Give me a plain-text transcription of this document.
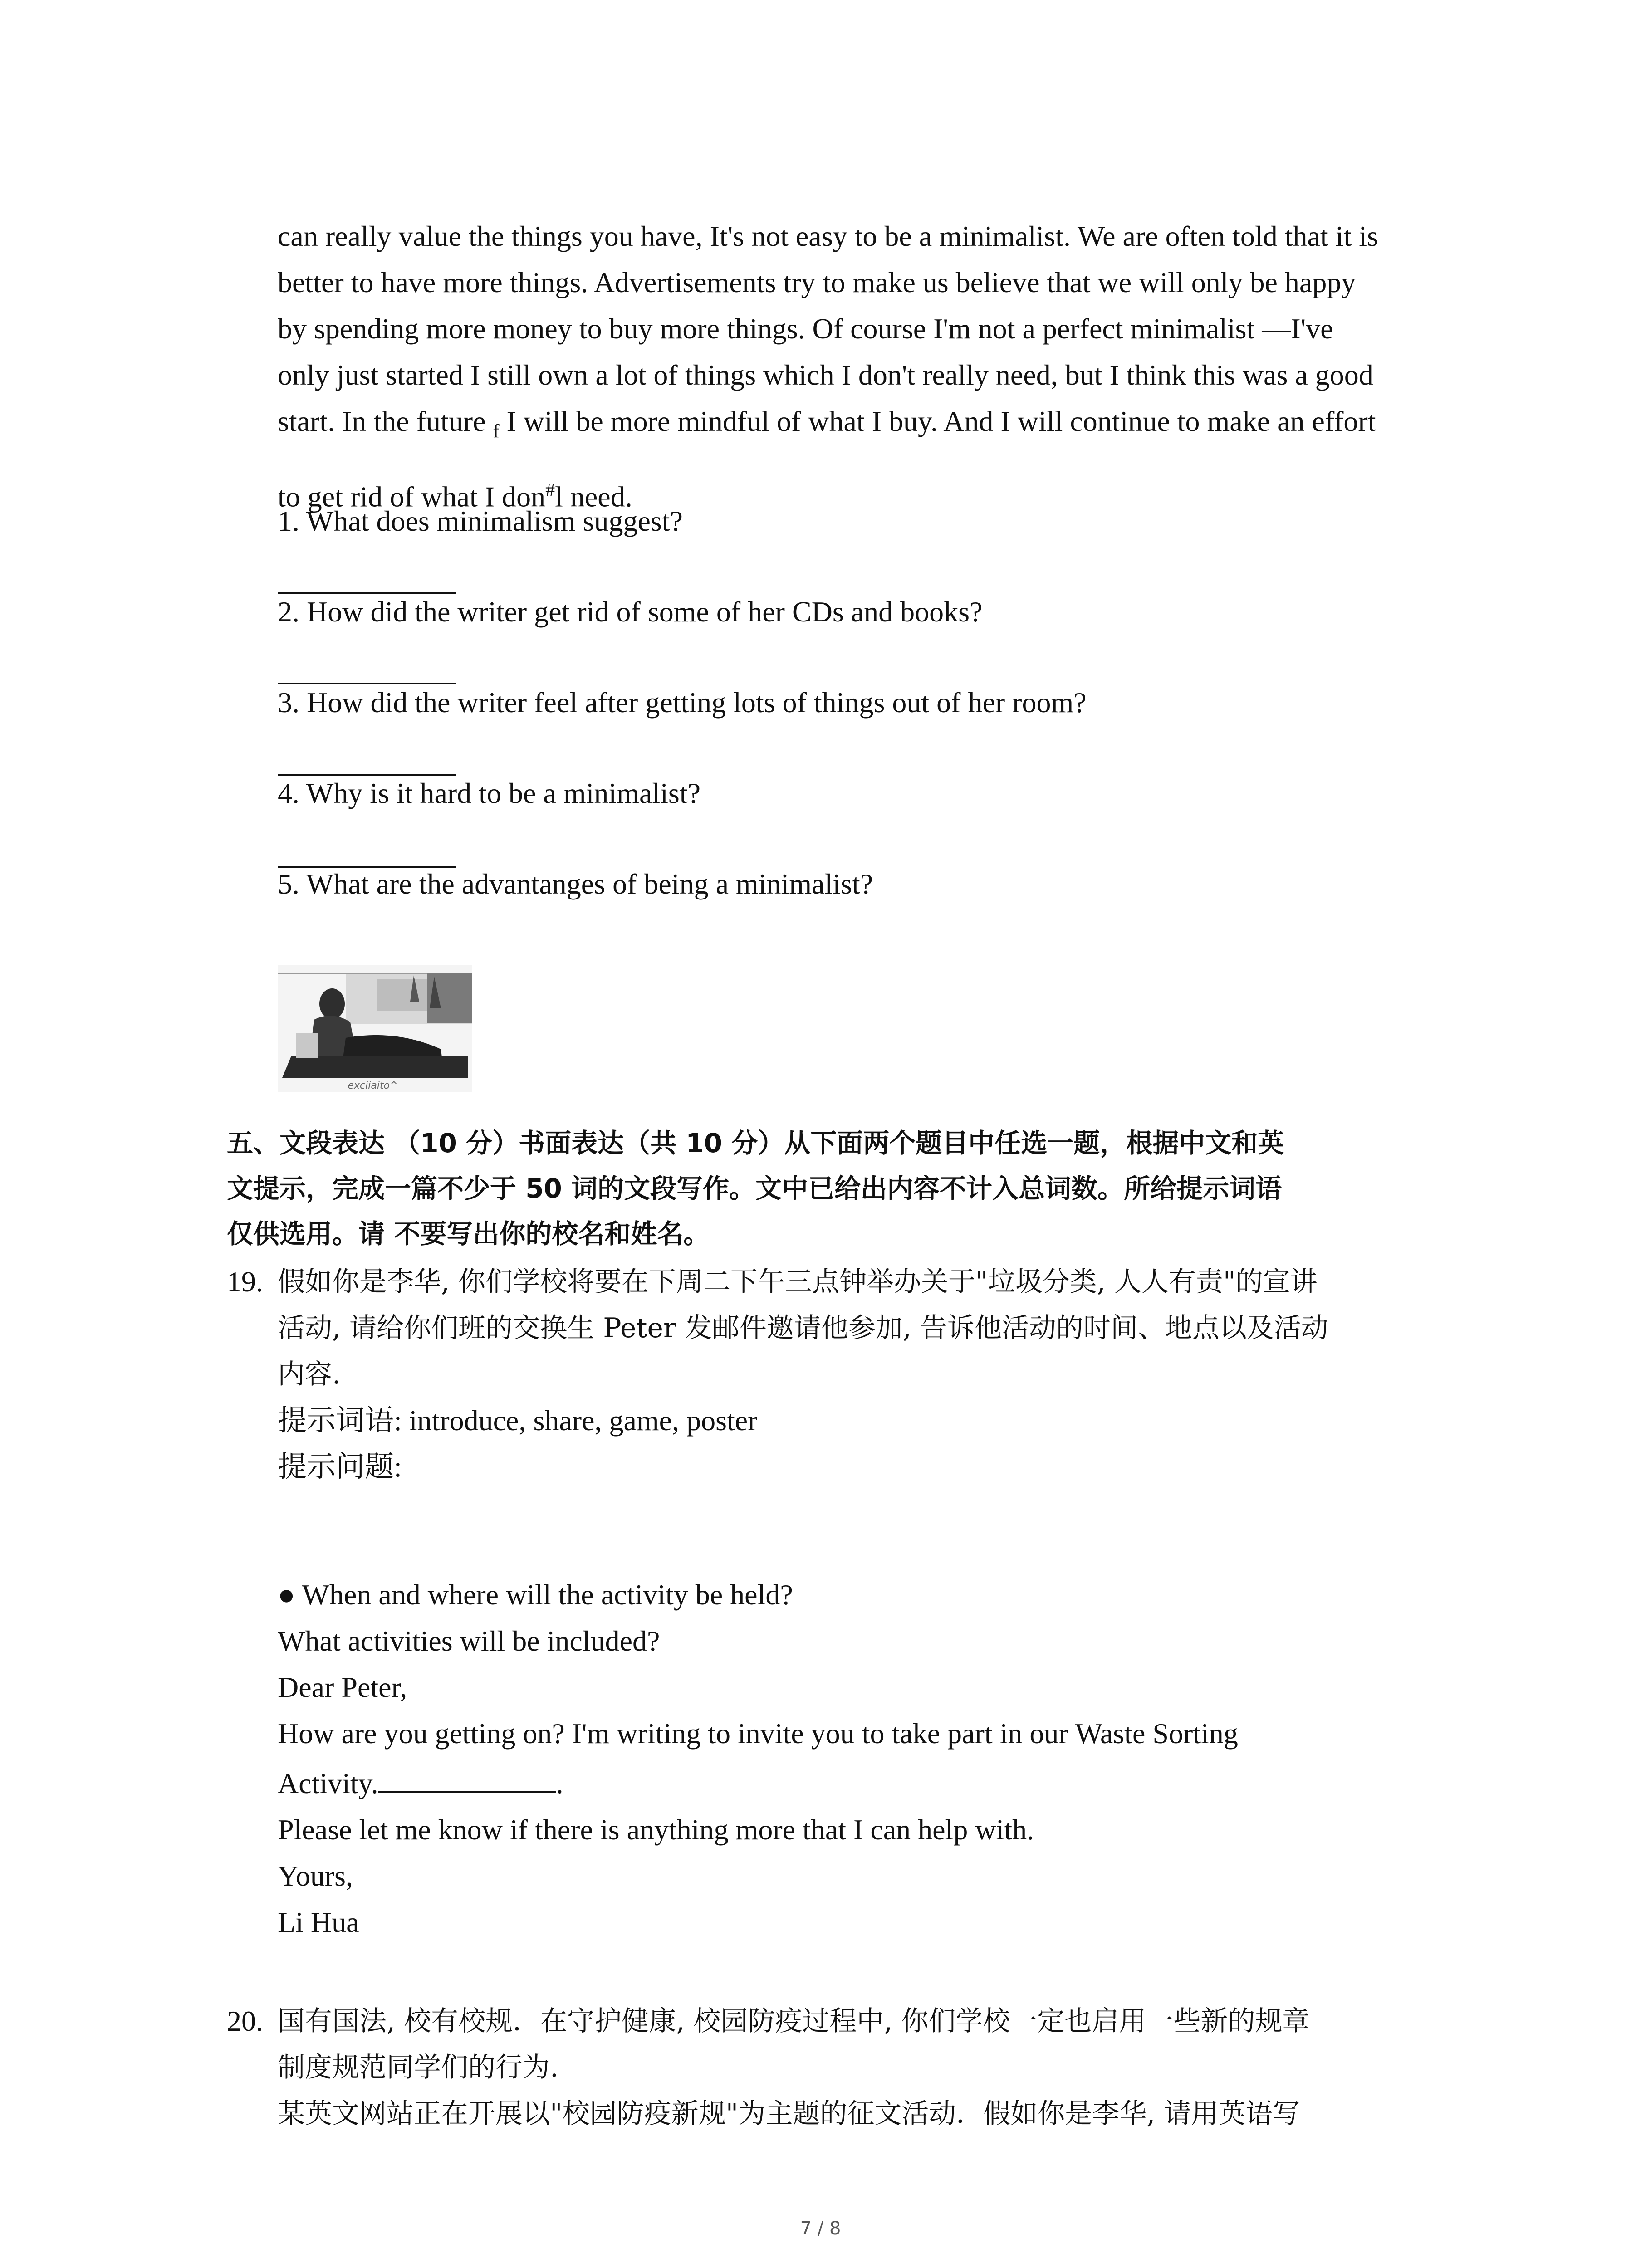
can really value the things you have, It's not easy to be a minimalist. We are often told that it is
better to have more things. Advertisements try to make us believe that we will only be happy
by spending more money to buy more things. Of course I'm not a perfect minimalist —I've
only just started I still own a lot of things which I don't really need, but I think this was a good
start. In the future $_f$ I will be more mindful of what I buy. And I will continue to make an effort
to get rid of what I don#l need.

1. What does minimalism suggest?

2. How did the writer get rid of some of her CDs and books?

3. How did the writer feel after getting lots of things out of her room?

4. Why is it hard to be a minimalist?

5. What are the advantanges of being a minimalist?

exciiaito^
五、文段表达 （10 分）书面表达（共 10 分）从下面两个题目中任选一题，根据中文和英
文提示，完成一篇不少于 50 词的文段写作。文中已给出内容不计入总词数。所给提示词语
仅供选用。请 不要写出你的校名和姓名。
19. 假如你是李华, 你们学校将要在下周二下午三点钟举办关于"垃圾分类, 人人有责"的宣讲
活动, 请给你们班的交换生 Peter 发邮件邀请他参加, 告诉他活动的时间、地点以及活动
内容.
提示词语: introduce, share, game, poster
提示问题:
● When and where will the activity be held?
What activities will be included?
Dear Peter,
How are you getting on? I'm writing to invite you to take part in our Waste Sorting
Activity.	.
Please let me know if there is anything more that I can help with.
Yours,
Li Hua
20. 国有国法, 校有校规．在守护健康, 校园防疫过程中, 你们学校一定也启用一些新的规章
制度规范同学们的行为.
某英文网站正在开展以"校园防疫新规"为主题的征文活动．假如你是李华, 请用英语写
7 / 8
